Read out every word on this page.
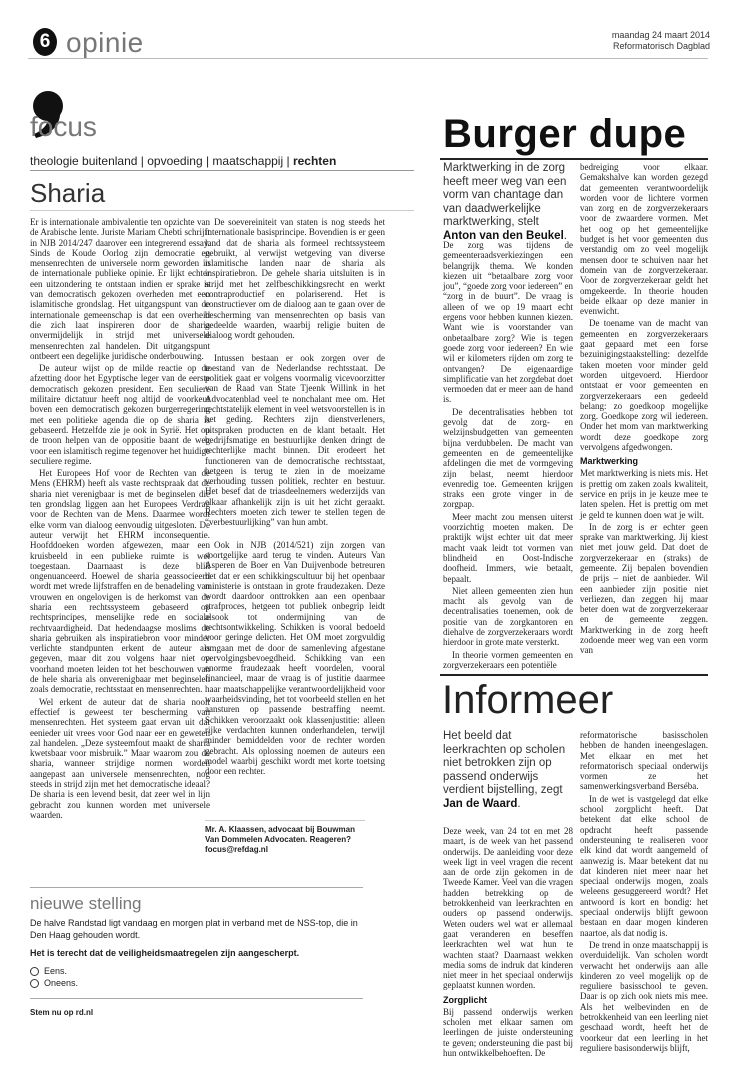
6 opinie	maandag 24 maart 2014
Reformatorisch Dagblad
focus
theologie buitenland | opvoeding | maatschappij | rechten
Sharia

Er is internationale ambivalentie ten opzichte van de Arabische lente. Juriste Mariam Chebti schrijft in NJB 2014/247 daarover een integrerend essay. Sinds de Koude Oorlog zijn democratie en mensenrechten de universele norm geworden in de internationale publieke opinie. Er lijkt echter een uitzondering te ontstaan indien er sprake is van democratisch gekozen overheden met een islamitische grondslag. Het uitgangspunt van de internationale gemeenschap is dat een overheid die zich laat inspireren door de sharia onvermijdelijk in strijd met universele mensenrechten zal handelen. Dit uitgangspunt ontbeert een degelijke juridische onderbouwing.

De auteur wijst op de milde reactie op de afzetting door het Egyptische leger van de eerste democratisch gekozen president. Een seculiere militaire dictatuur heeft nog altijd de voorkeur boven een democratisch gekozen burgerregering met een politieke agenda die op de sharia is gebaseerd. Hetzelfde zie je ook in Syrië. Het op de troon helpen van de oppositie baant de weg voor een islamitisch regime tegenover het huidige seculiere regime.

Het Europees Hof voor de Rechten van de Mens (EHRM) heeft als vaste rechtspraak dat de sharia niet verenigbaar is met de beginselen die ten grondslag liggen aan het Europees Verdrag voor de Rechten van de Mens. Daarmee wordt elke vorm van dialoog eenvoudig uitgesloten. De auteur verwijt het EHRM inconsequentie. Hoofddoeken worden afgewezen, maar een kruisbeeld in een publieke ruimte is wel toegestaan. Daarnaast is deze blik ongenuanceerd. Hoewel de sharia geassocieerd wordt met wrede lijfstraffen en de benadeling van vrouwen en ongelovigen is de herkomst van de sharia een rechtssysteem gebaseerd op rechtsprincipes, menselijke rede en sociale rechtvaardigheid. Dat hedendaagse moslims de sharia gebruiken als inspiratiebron voor minder verlichte standpunten erkent de auteur als gegeven, maar dit zou volgens haar niet op voorhand moeten leiden tot het beschouwen van de hele sharia als onverenigbaar met beginselen zoals democratie, rechtsstaat en mensenrechten.

Wel erkent de auteur dat de sharia nooit effectief is geweest ter bescherming van mensenrechten. Het systeem gaat ervan uit dat eenieder uit vrees voor God naar eer en geweten zal handelen. „Deze systeemfout maakt de sharia kwetsbaar voor misbruik.” Maar waarom zou de sharia, wanneer strijdige normen worden aangepast aan universele mensenrechten, nog steeds in strijd zijn met het democratische ideaal? De sharia is een levend besit, dat zeer wel in lijn gebracht zou kunnen worden met universele waarden.

De soevereiniteit van staten is nog steeds het internationale basisprincipe. Bovendien is er geen land dat de sharia als formeel rechtssysteem gebruikt, al verwijst wetgeving van diverse islamitische landen naar de sharia als inspiratiebron. De gehele sharia uitsluiten is in strijd met het zelfbeschikkingsrecht en werkt contraproductief en polariserend. Het is constructiever om de dialoog aan te gaan over de bescherming van mensenrechten op basis van gedeelde waarden, waarbij religie buiten de dialoog wordt gehouden.

Intussen bestaan er ook zorgen over de toestand van de Nederlandse rechtsstaat. De politiek gaat er volgens voormalig vicevoorzitter van de Raad van State Tjeenk Willink in het Advocatenblad veel te nonchalant mee om. Het rechtstatelijk element in veel wetsvoorstellen is in het geding. Rechters zijn dienstverleners, uitspraken producten en de klant betaalt. Het bedrijfsmatige en bestuurlijke denken dringt de rechterlijke macht binnen. Dit erodeert het functioneren van de democratische rechtsstaat, hetgeen is terug te zien in de moeizame verhouding tussen politiek, rechter en bestuur. Het besef dat de triasdeelnemers wederzijds van elkaar afhankelijk zijn is uit het zicht geraakt. Rechters moeten zich tewer te stellen tegen de “verbestuurlijking” van hun ambt.

Ook in NJB (2014/521) zijn zorgen van soortgelijke aard terug te vinden. Auteurs Van Asperen de Boer en Van Duijvenbode betreuren het dat er een schikkingscultuur bij het openbaar ministerie is ontstaan in grote fraudezaken. Deze wordt daardoor onttrokken aan een openbaar strafproces, hetgeen tot publiek onbegrip leidt alsook tot ondermijning van de rechtsontwikkeling. Schikken is vooral bedoeld voor geringe delicten. Het OM moet zorgvuldig omgaan met de door de samenleving afgestane vervolgingsbevoegdheid. Schikking van een enorme fraudezaak heeft voordelen, vooral financieel, maar de vraag is of justitie daarmee haar maatschappelijke verantwoordelijkheid voor waarheidsvinding, het tot voorbeeld stellen en het aansturen op passende bestraffing neemt. Schikken veroorzaakt ook klassenjustitie: alleen rijke verdachten kunnen onderhandelen, terwijl minder bemiddelden voor de rechter worden gebracht. Als oplossing noemen de auteurs een model waarbij geschikt wordt met korte toetsing door een rechter.

Mr. A. Klaassen, advocaat bij Bouwman Van Dommelen Advocaten. Reageren? focus@refdag.nl
nieuwe stelling
De halve Randstad ligt vandaag en morgen plat in verband met de NSS-top, die in Den Haag gehouden wordt.
Het is terecht dat de veiligheidsmaatregelen zijn aangescherpt.
Eens.
Oneens.
Stem nu op rd.nl
Burger dupe
Marktwerking in de zorg heeft meer weg van een vorm van chantage dan van daadwerkelijke marktwerking, stelt Anton van den Beukel.

De zorg was tijdens de gemeenteraadsverkiezingen een belangrijk thema. We konden kiezen uit “betaalbare zorg voor jou”, “goede zorg voor iedereen” en “zorg in de buurt”. De vraag is alleen of we op 19 maart echt ergens voor hebben kunnen kiezen. Want wie is voorstander van onbetaalbare zorg? Wie is tegen goede zorg voor iedereen? En wie wil er kilometers rijden om zorg te ontvangen? De eigenaardige simplificatie van het zorgdebat doet vermoeden dat er meer aan de hand is.

De decentralisaties hebben tot gevolg dat de zorg- en welzijnsbudgetten van gemeenten bijna verdubbelen. De macht van gemeenten en de gemeentelijke afdelingen die met de vormgeving zijn belast, neemt hierdoor evenredig toe. Gemeenten krijgen straks een grote vinger in de zorgpap.

Meer macht zou mensen uiterst voorzichtig moeten maken. De praktijk wijst echter uit dat meer macht vaak leidt tot vormen van blindheid en Oost-Indische doofheid. Immers, wie betaalt, bepaalt.

Niet alleen gemeenten zien hun macht als gevolg van de decentralisaties toenemen, ook de positie van de zorgkantoren en diehalve de zorgverzekeraars wordt hierdoor in grote mate versterkt.

In theorie vormen gemeenten en zorgverzekeraars een potentiële

bedreiging voor elkaar. Gemakshalve kan worden gezegd dat gemeenten verantwoordelijk worden voor de lichtere vormen van zorg en de zorgverzekeraars voor de zwaardere vormen. Met het oog op het gemeentelijke budget is het voor gemeenten dus verstandig om zo veel mogelijk mensen door te schuiven naar het domein van de zorgverzekeraar. Voor de zorgverzekeraar geldt het omgekeerde. In theorie houden beide elkaar op deze manier in evenwicht.

De toename van de macht van gemeenten en zorgverzekeraars gaat gepaard met een forse bezuinigingstaakstelling: dezelfde taken moeten voor minder geld worden uitgevoerd. Hierdoor ontstaat er voor gemeenten en zorgverzekeraars een gedeeld belang: zo goedkoop mogelijke zorg. Goedkope zorg wil iedereen. Onder het mom van marktwerking wordt deze goedkope zorg vervolgens afgedwongen.

Marktwerking

Met marktwerking is niets mis. Het is prettig om zaken zoals kwaliteit, service en prijs in je keuze mee te laten spelen. Het is prettig om met je geld te kunnen doen wat je wilt.

In de zorg is er echter geen sprake van marktwerking. Jij kiest niet met jouw geld. Dat doet de zorgverzekeraar en (straks) de gemeente. Zij bepalen bovendien de prijs – niet de aanbieder. Wil een aanbieder zijn positie niet verliezen, dan zeggen hij maar beter doen wat de zorgverzekeraar en de gemeente zeggen. Marktwerking in de zorg heeft zodoende meer weg van een vorm van

Informeer
Het beeld dat leerkrachten op scholen niet betrokken zijn op passend onderwijs verdient bijstelling, zegt Jan de Waard.

Deze week, van 24 tot en met 28 maart, is de week van het passend onderwijs. De aanleiding voor deze week ligt in veel vragen die recent aan de orde zijn gekomen in de Tweede Kamer. Veel van die vragen hadden betrekking op de betrokkenheid van leerkrachten en ouders op passend onderwijs. Weten ouders wel wat er allemaal gaat veranderen en beseffen leerkrachten wel wat hun te wachten staat? Daarnaast wekken media soms de indruk dat kinderen niet meer in het speciaal onderwijs geplaatst kunnen worden.

Zorgplicht

Bij passend onderwijs werken scholen met elkaar samen om leerlingen de juiste ondersteuning te geven; ondersteuning die past bij hun ontwikkelbehoeften. De

reformatorische basisscholen hebben de handen ineengeslagen. Met elkaar en met het reformatorisch speciaal onderwijs vormen ze het samenwerkingsverband Berséba.

In de wet is vastgelegd dat elke school zorgplicht heeft. Dat betekent dat elke school de opdracht heeft passende ondersteuning te realiseren voor elk kind dat wordt aangemeld of aanwezig is. Maar betekent dat nu dat kinderen niet meer naar het speciaal onderwijs mogen, zoals weleens gesuggereerd wordt? Het antwoord is kort en bondig: het speciaal onderwijs blijft gewoon bestaan en daar mogen kinderen naartoe, als dat nodig is.

De trend in onze maatschappij is overduidelijk. Van scholen wordt verwacht het onderwijs aan alle kinderen zo veel mogelijk op de reguliere basisschool te geven. Daar is op zich ook niets mis mee. Als het welbevinden en de betrokkenheid van een leerling niet geschaad wordt, heeft het de voorkeur dat een leerling in het reguliere basisonderwijs blijft,
